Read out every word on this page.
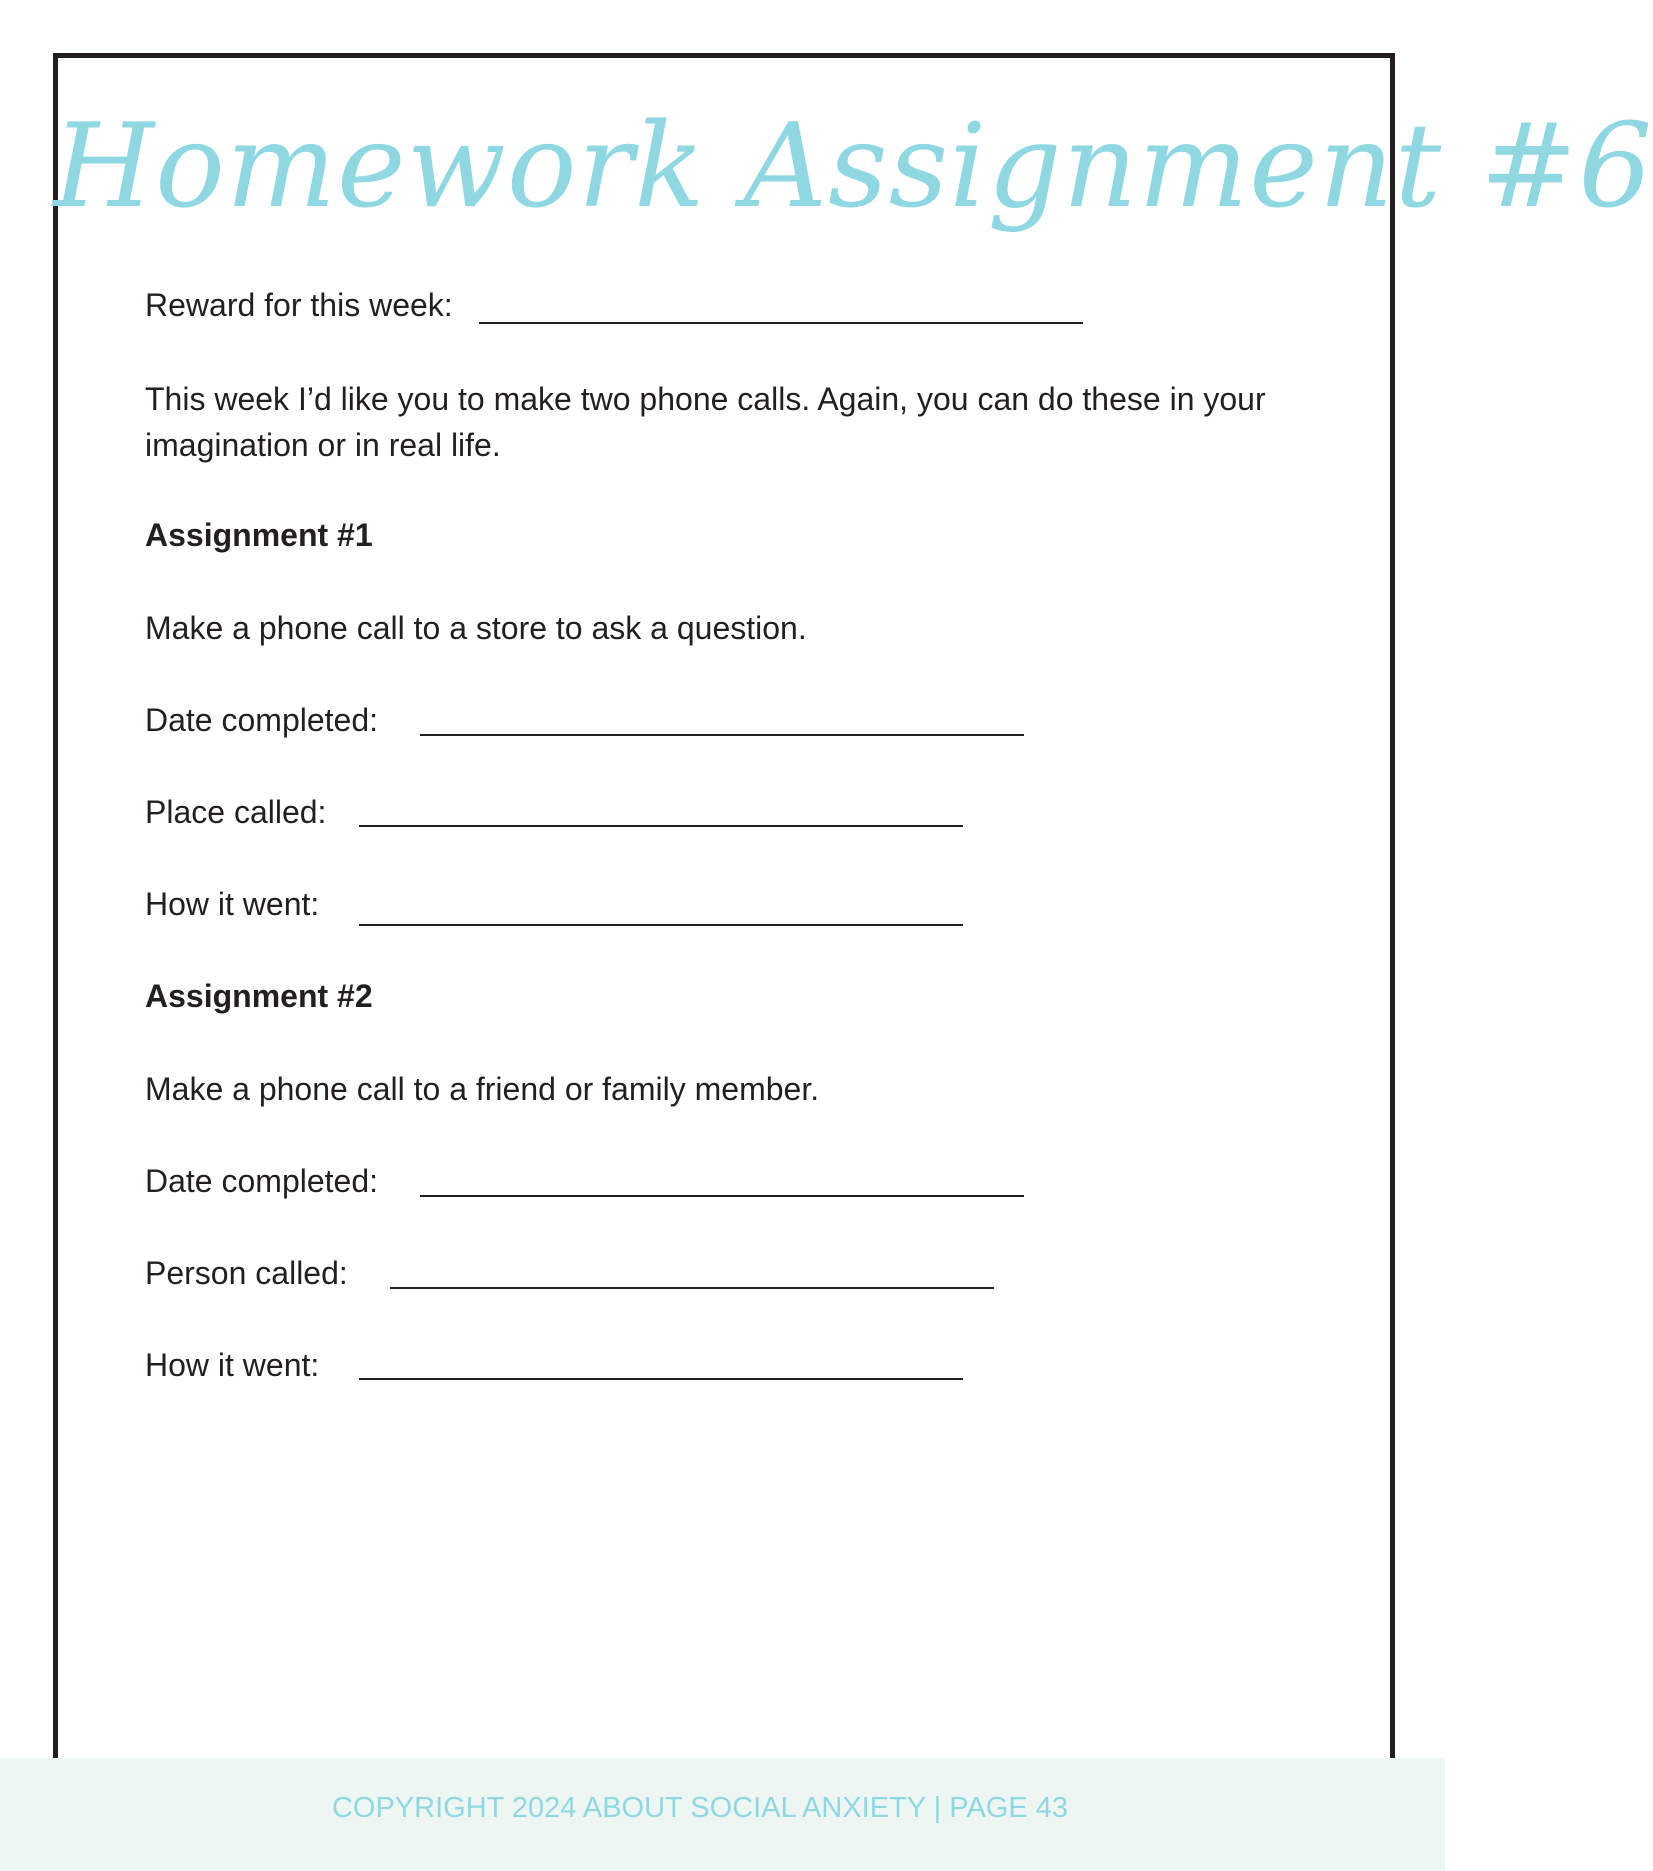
Homework Assignment #6
Reward for this week:
This week I’d like you to make two phone calls. Again, you can do these in your imagination or in real life.
Assignment #1
Make a phone call to a store to ask a question.
Date completed:
Place called:
How it went:
Assignment #2
Make a phone call to a friend or family member.
Date completed:
Person called:
How it went:
COPYRIGHT 2024 ABOUT SOCIAL ANXIETY | PAGE 43
